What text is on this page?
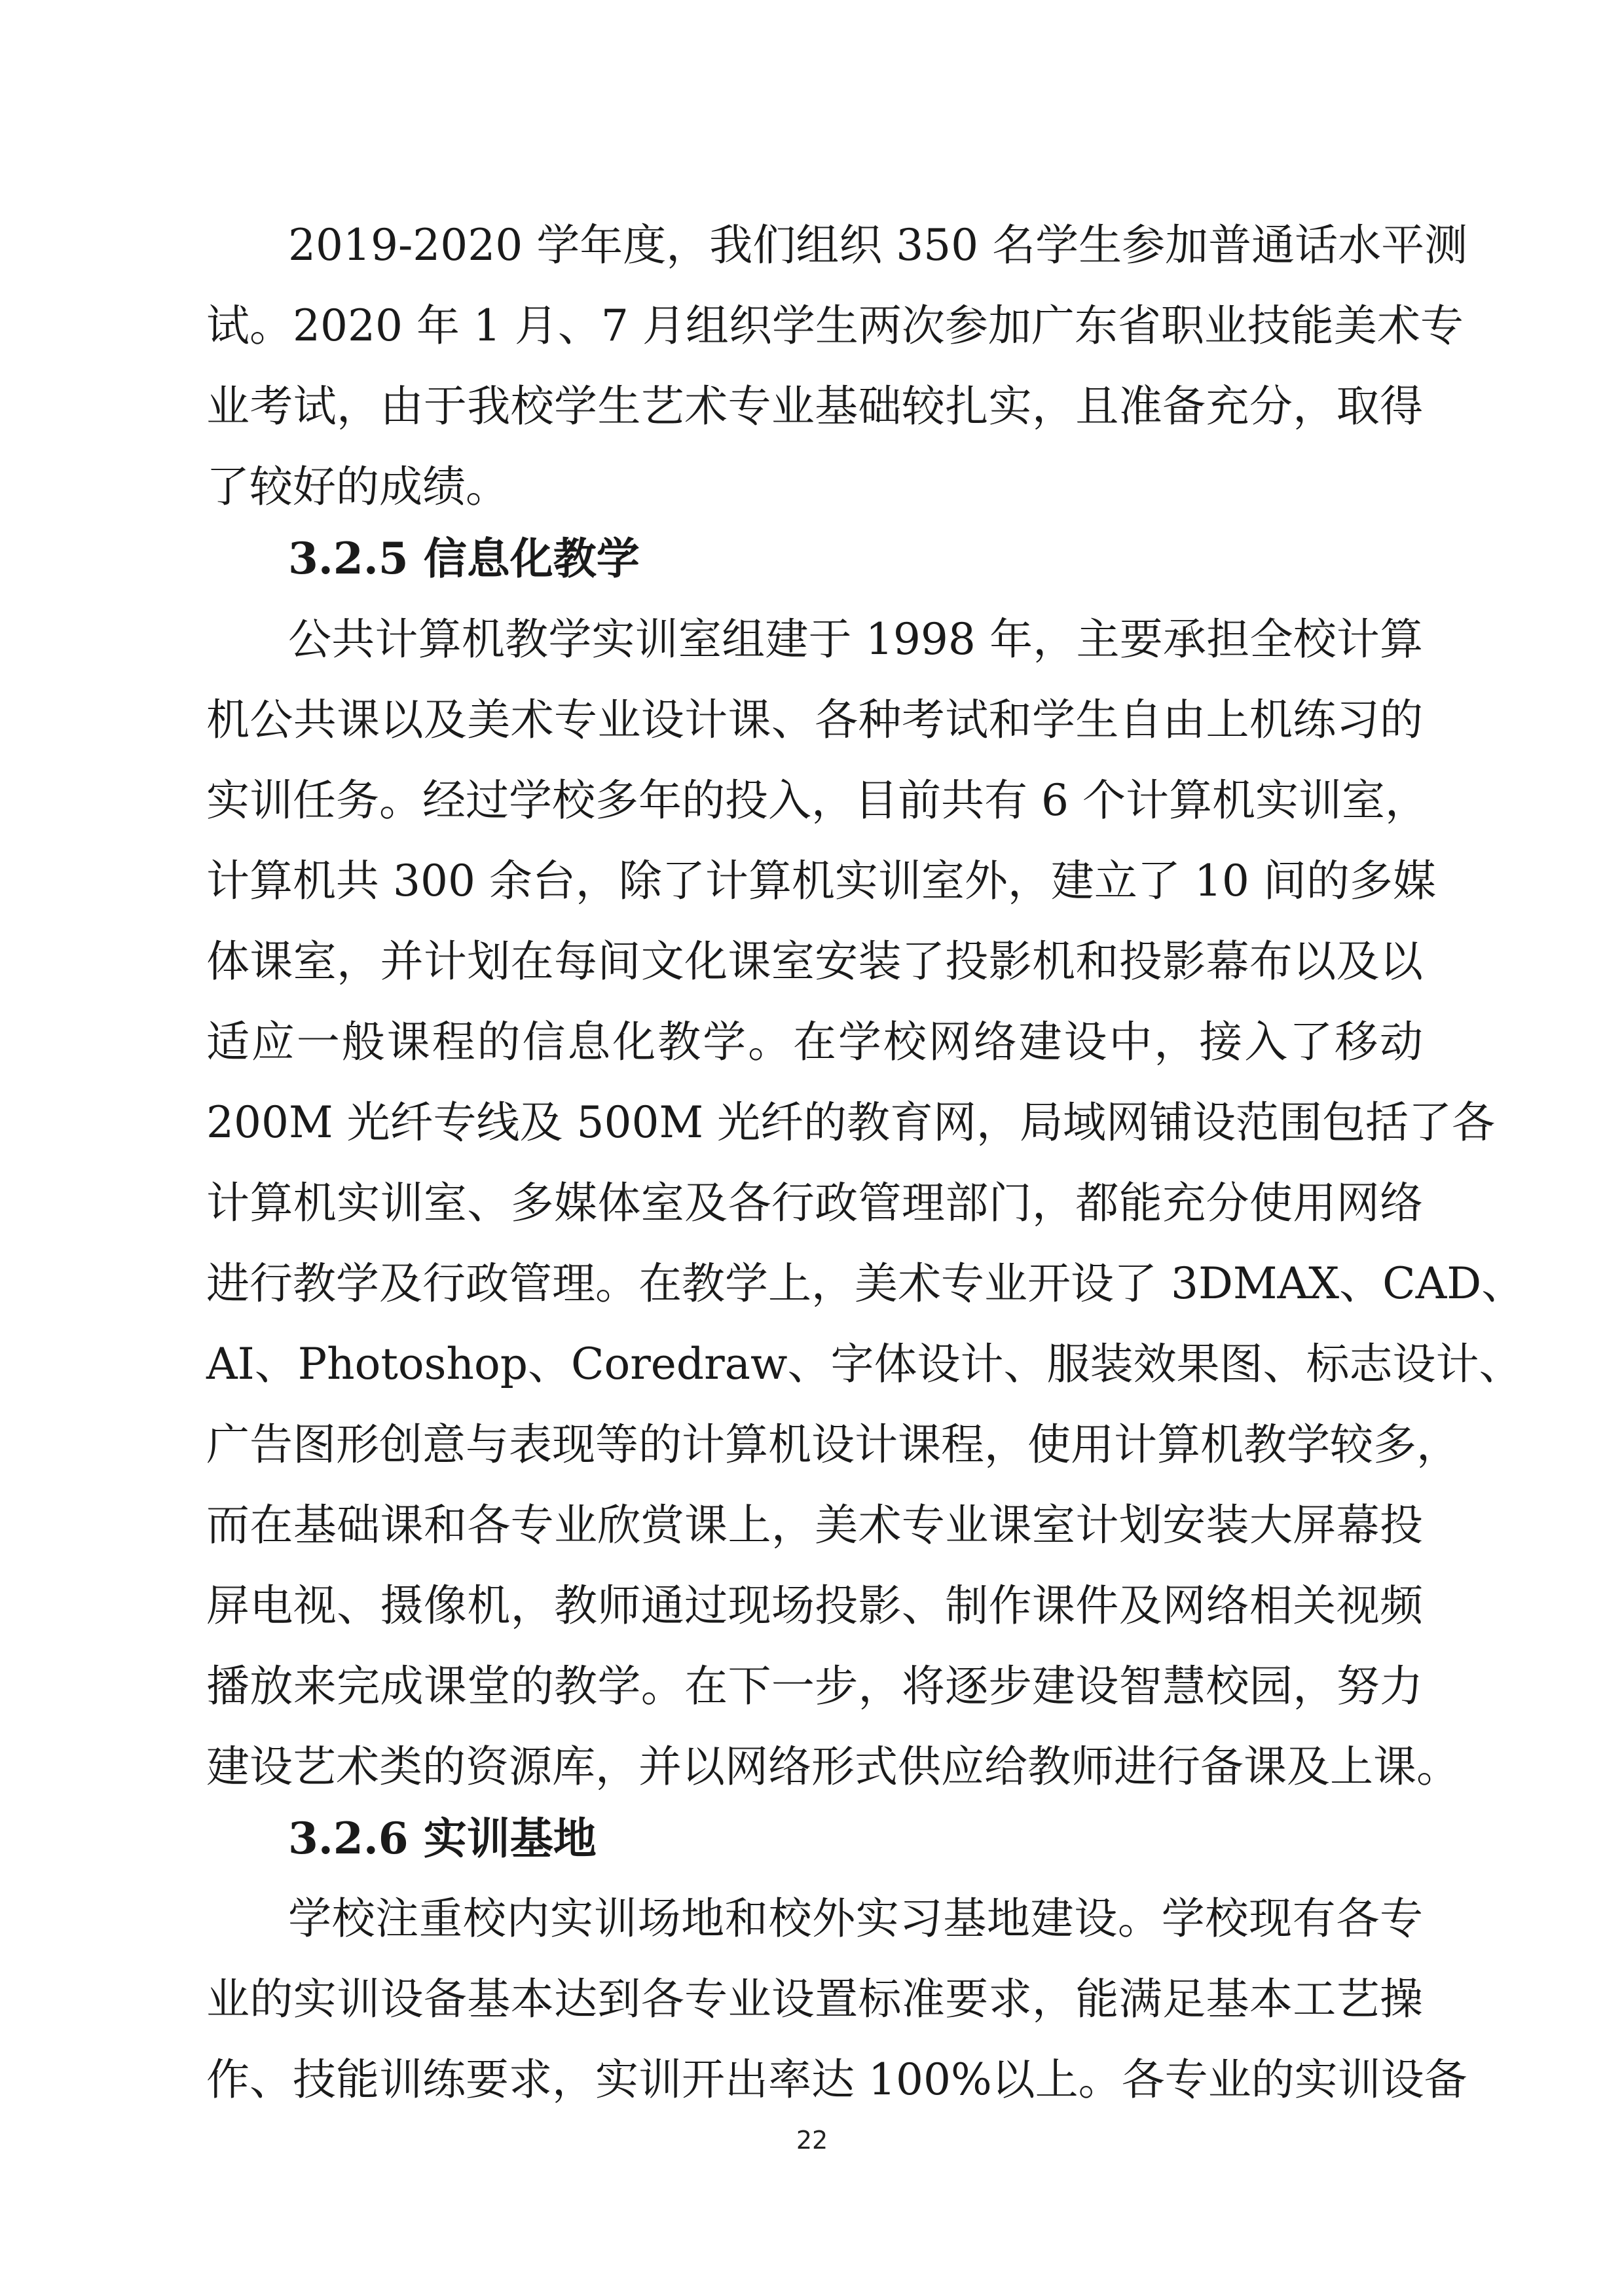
2019-2020 学年度，我们组织 350 名学生参加普通话水平测

试。2020 年 1 月、7 月组织学生两次参加广东省职业技能美术专

业考试，由于我校学生艺术专业基础较扎实，且准备充分，取得

了较好的成绩。

3.2.5 信息化教学

公共计算机教学实训室组建于 1998 年，主要承担全校计算

机公共课以及美术专业设计课、各种考试和学生自由上机练习的

实训任务。经过学校多年的投入，目前共有 6 个计算机实训室，

计算机共 300 余台，除了计算机实训室外，建立了 10 间的多媒

体课室，并计划在每间文化课室安装了投影机和投影幕布以及以

适应一般课程的信息化教学。在学校网络建设中，接入了移动

200M 光纤专线及 500M 光纤的教育网，局域网铺设范围包括了各

计算机实训室、多媒体室及各行政管理部门，都能充分使用网络

进行教学及行政管理。在教学上，美术专业开设了 3DMAX、CAD、

AI、Photoshop、Coredraw、字体设计、服装效果图、标志设计、

广告图形创意与表现等的计算机设计课程，使用计算机教学较多，

而在基础课和各专业欣赏课上，美术专业课室计划安装大屏幕投

屏电视、摄像机，教师通过现场投影、制作课件及网络相关视频

播放来完成课堂的教学。在下一步，将逐步建设智慧校园，努力

建设艺术类的资源库，并以网络形式供应给教师进行备课及上课。

3.2.6 实训基地

学校注重校内实训场地和校外实习基地建设。学校现有各专

业的实训设备基本达到各专业设置标准要求，能满足基本工艺操

作、技能训练要求，实训开出率达 100%以上。各专业的实训设备

22
